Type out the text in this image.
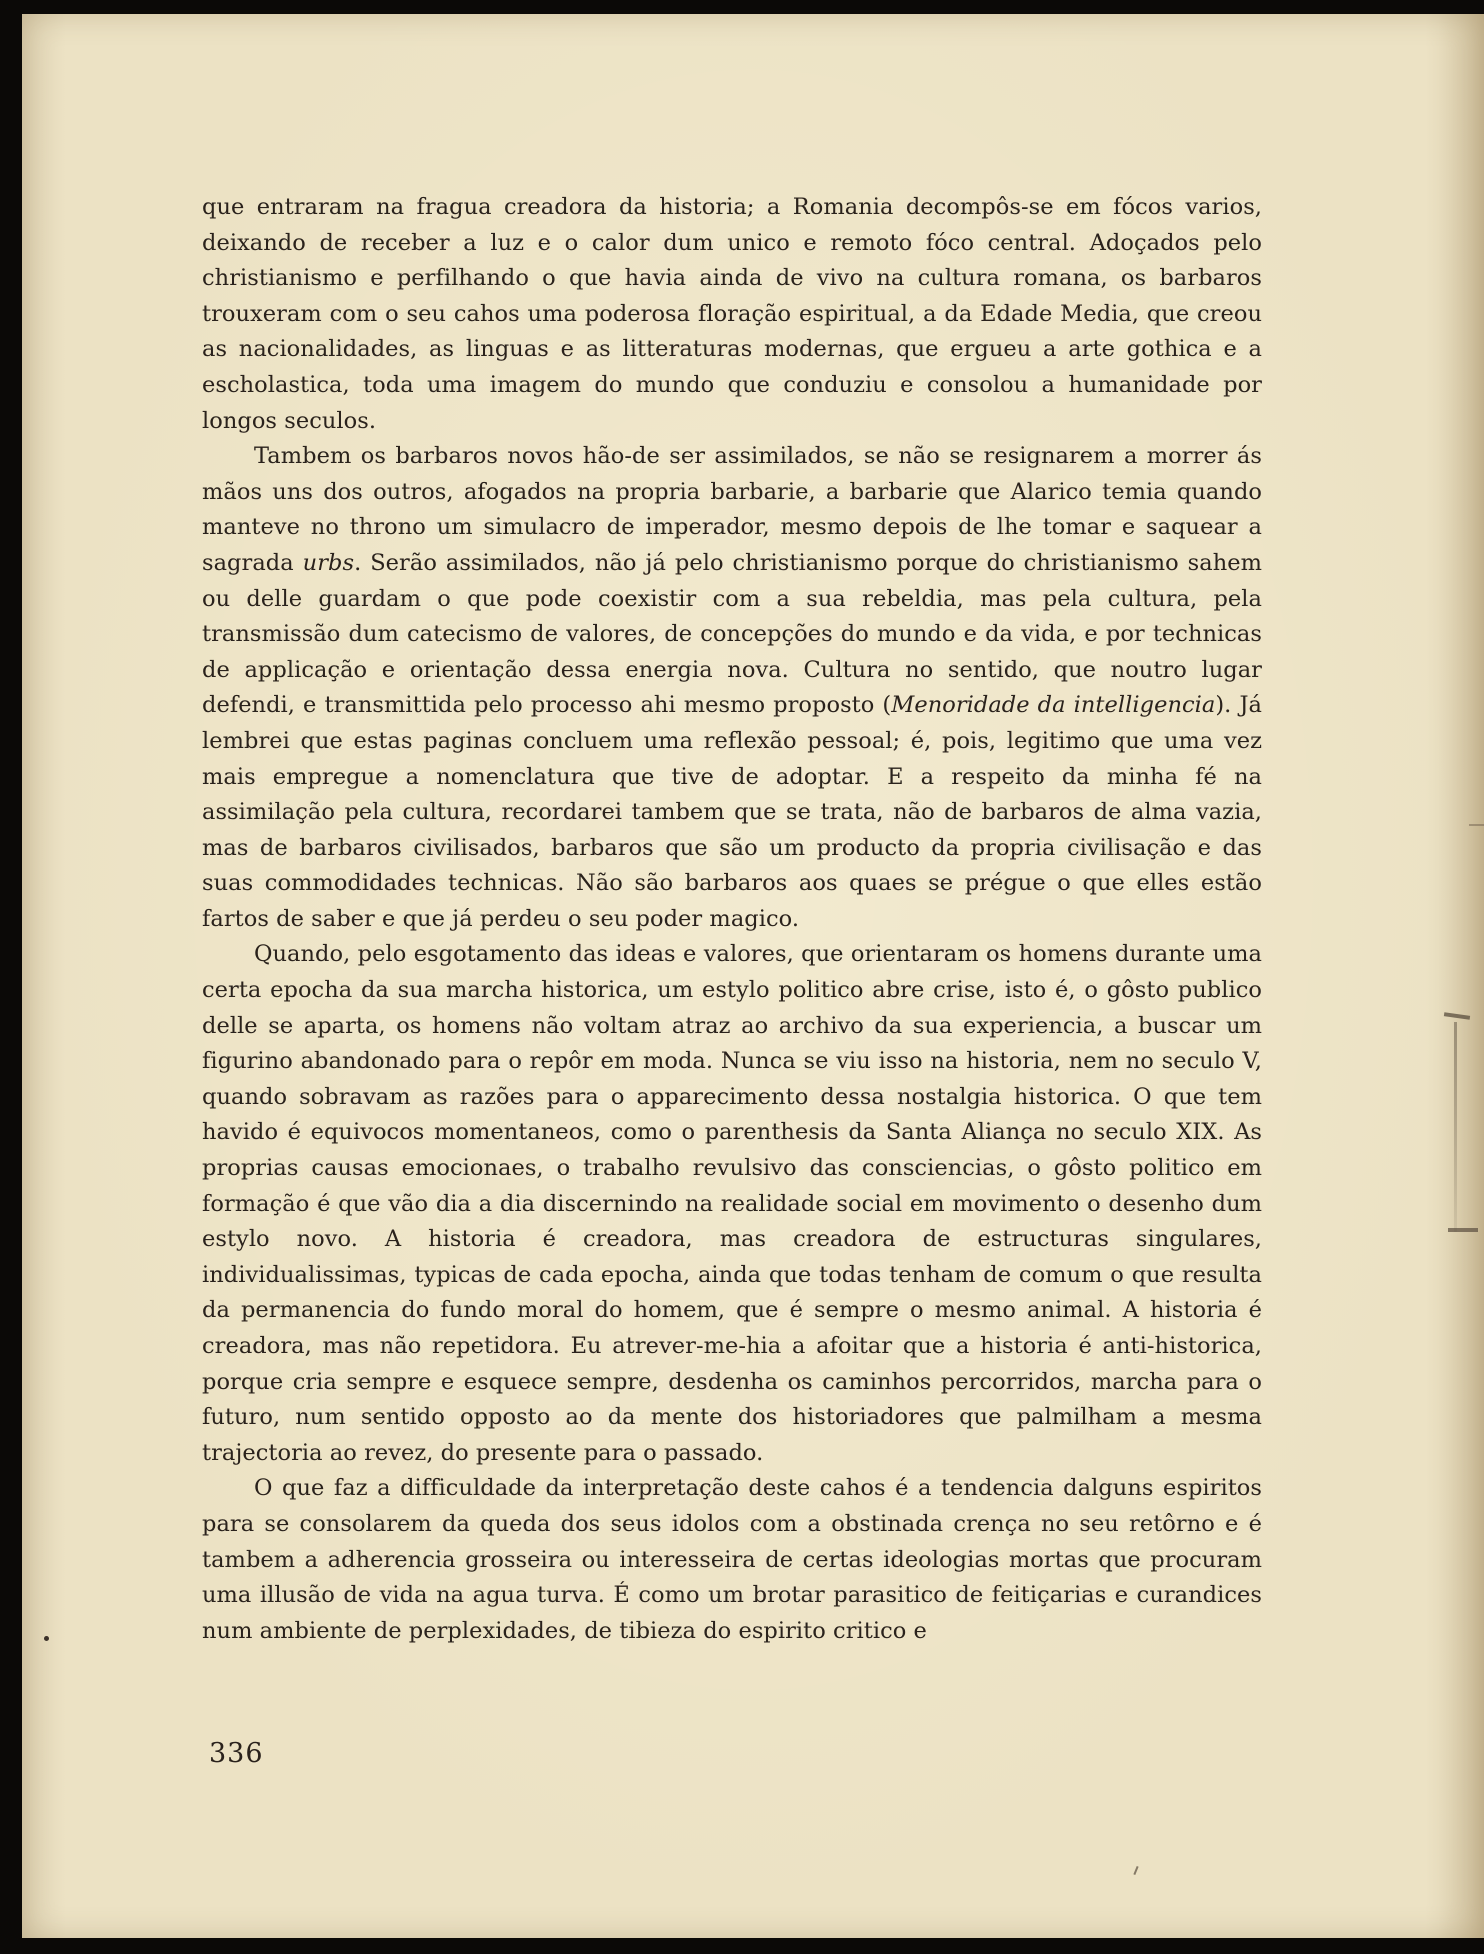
que entraram na fragua creadora da historia; a Romania decompôs-se em fócos varios, deixando de receber a luz e o calor dum unico e remoto fóco central. Adoçados pelo christianismo e perfilhando o que havia ainda de vivo na cultura romana, os barbaros trouxeram com o seu cahos uma poderosa floração espiritual, a da Edade Media, que creou as nacionalidades, as linguas e as litteraturas modernas, que ergueu a arte gothica e a escholastica, toda uma imagem do mundo que conduziu e consolou a humanidade por longos seculos.

Tambem os barbaros novos hão-de ser assimilados, se não se resignarem a morrer ás mãos uns dos outros, afogados na propria barbarie, a barbarie que Alarico temia quando manteve no throno um simulacro de imperador, mesmo depois de lhe tomar e saquear a sagrada urbs. Serão assimilados, não já pelo christianismo porque do christianismo sahem ou delle guardam o que pode coexistir com a sua rebeldia, mas pela cultura, pela transmissão dum catecismo de valores, de concepções do mundo e da vida, e por technicas de applicação e orientação dessa energia nova. Cultura no sentido, que noutro lugar defendi, e transmittida pelo processo ahi mesmo proposto (Menoridade da intelligencia). Já lembrei que estas paginas concluem uma reflexão pessoal; é, pois, legitimo que uma vez mais empregue a nomenclatura que tive de adoptar. E a respeito da minha fé na assimilação pela cultura, recordarei tambem que se trata, não de barbaros de alma vazia, mas de barbaros civilisados, barbaros que são um producto da propria civilisação e das suas commodidades technicas. Não são barbaros aos quaes se prégue o que elles estão fartos de saber e que já perdeu o seu poder magico.

Quando, pelo esgotamento das ideas e valores, que orientaram os homens durante uma certa epocha da sua marcha historica, um estylo politico abre crise, isto é, o gôsto publico delle se aparta, os homens não voltam atraz ao archivo da sua experiencia, a buscar um figurino abandonado para o repôr em moda. Nunca se viu isso na historia, nem no seculo V, quando sobravam as razões para o apparecimento dessa nostalgia historica. O que tem havido é equivocos momentaneos, como o parenthesis da Santa Aliança no seculo XIX. As proprias causas emocionaes, o trabalho revulsivo das consciencias, o gôsto politico em formação é que vão dia a dia discernindo na realidade social em movimento o desenho dum estylo novo. A historia é creadora, mas creadora de estructuras singulares, individualissimas, typicas de cada epocha, ainda que todas tenham de comum o que resulta da permanencia do fundo moral do homem, que é sempre o mesmo animal. A historia é creadora, mas não repetidora. Eu atrever-me-hia a afoitar que a historia é anti-historica, porque cria sempre e esquece sempre, desdenha os caminhos percorridos, marcha para o futuro, num sentido opposto ao da mente dos historiadores que palmilham a mesma trajectoria ao revez, do presente para o passado.

O que faz a difficuldade da interpretação deste cahos é a tendencia dalguns espiritos para se consolarem da queda dos seus idolos com a obstinada crença no seu retôrno e é tambem a adherencia grosseira ou interesseira de certas ideologias mortas que procuram uma illusão de vida na agua turva. É como um brotar parasitico de feitiçarias e curandices num ambiente de perplexidades, de tibieza do espirito critico e

336
